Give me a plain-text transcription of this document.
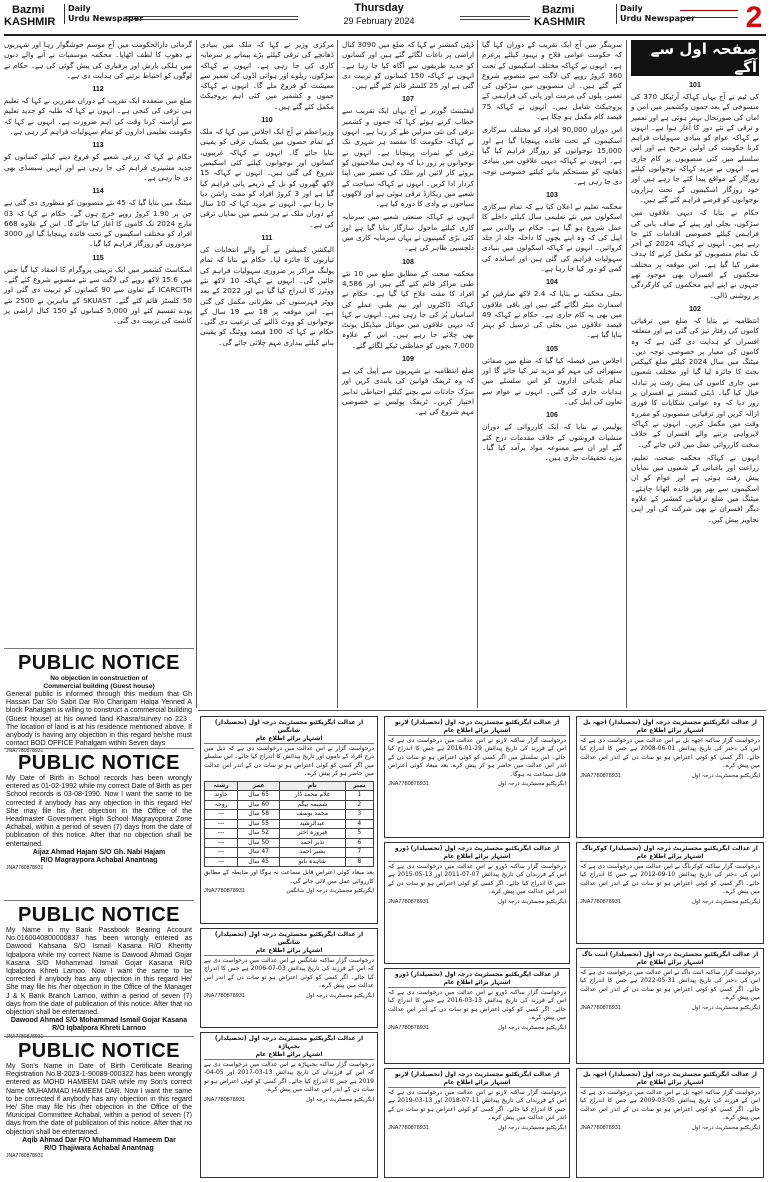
Bazmi
KASHMIR
Daily
Urdu Newspaper
Thursday
29 February 2024
Bazmi
KASHMIR
Daily
Urdu Newspaper 2
صفحہ اول سے آگے
101
کی ٹیم نے آج یہاں کہاکہ آرٹیکل 370 کی منسوخی کے بعد جموں وکشمیر میں امن و امان کی صورتحال بہتر ہوئی ہے اور تعمیر و ترقی کے نئے دور کا آغاز ہوا ہے۔ انہوں نے کہاکہ عوام کو بنیادی سہولیات فراہم کرنا حکومت کی اولین ترجیح ہے اور اس سلسلے میں کئی منصوبوں پر کام جاری ہے۔ انہوں نے مزید کہاکہ نوجوانوں کیلئے روزگار کے مواقع پیدا کئے جا رہے ہیں اور خود روزگار اسکیموں کے تحت ہزاروں نوجوانوں کو قرضے فراہم کئے گئے ہیں۔
حکام نے بتایا کہ دیہی علاقوں میں سڑکوں، بجلی اور پینے کے صاف پانی کی فراہمی کیلئے خصوصی اقدامات کئے جا رہے ہیں۔ انہوں نے کہاکہ 2024 کے آخر تک تمام منصوبوں کو مکمل کرنے کا ہدف مقرر کیا گیا ہے۔ اس موقعہ پر مختلف محکموں کے افسران بھی موجود تھے جنہوں نے اپنے اپنے محکموں کی کارکردگی پر روشنی ڈالی۔
102
انتظامیہ نے بتایا کہ ضلع میں ترقیاتی کاموں کی رفتار تیز کی گئی ہے اور متعلقہ افسران کو ہدایت دی گئی ہے کہ وہ کاموں کی معیار پر خصوصی توجہ دیں۔ میٹنگ میں سال 2024 کیلئے ضلع کیپکس بجٹ کا جائزہ لیا گیا اور مختلف شعبوں میں جاری کاموں کی پیش رفت پر تبادلہ خیال کیا گیا۔ ڈپٹی کمشنر نے افسران پر زور دیا کہ وہ عوامی شکایات کا فوری ازالہ کریں اور ترقیاتی منصوبوں کو مقررہ وقت میں مکمل کریں۔ انہوں نے کہاکہ لاپرواہی برتنے والے افسران کے خلاف سخت کارروائی عمل میں لائی جائے گی۔
انہوں نے کہاکہ محکمہ صحت، تعلیم، زراعت اور باغبانی کے شعبوں میں نمایاں پیش رفت ہوئی ہے اور عوام کو ان اسکیموں سے بھر پور فائدہ اٹھانا چاہئے۔ میٹنگ میں ضلع ترقیاتی کمشنر کے علاوہ دیگر افسران نے بھی شرکت کی اور اپنی تجاویز پیش کیں۔
سرینگر میں آج ایک تقریب کے دوران کہا گیا کہ حکومت عوامی فلاح و بہبود کیلئے پرعزم ہے۔ انہوں نے کہاکہ مختلف اسکیموں کے تحت 360 کروڑ روپے کی لاگت سے منصوبے شروع کئے گئے ہیں۔ ان منصوبوں میں سڑکوں کی تعمیر، پلوں کی مرمت اور پانی کی فراہمی کے پروجیکٹ شامل ہیں۔ انہوں نے کہاکہ 75 فیصد کام مکمل ہو چکا ہے۔
اس دوران 90,000 افراد کو مختلف سرکاری اسکیموں کے تحت فائدہ پہنچایا گیا ہے اور 15,000 نوجوانوں کو روزگار فراہم کیا گیا ہے۔ انہوں نے کہاکہ دیہی علاقوں میں بنیادی ڈھانچہ کو مستحکم بنانے کیلئے خصوصی توجہ دی جا رہی ہے۔
103
محکمہ تعلیم نے اعلان کیا ہے کہ تمام سرکاری اسکولوں میں نئے تعلیمی سال کیلئے داخلے کا عمل شروع ہو گیا ہے۔ حکام نے والدین سے اپیل کی کہ وہ اپنے بچوں کا داخلہ جلد از جلد کروائیں۔ انہوں نے کہاکہ اسکولوں میں بنیادی سہولیات فراہم کی گئی ہیں اور اساتذہ کی کمی کو دور کیا جا رہا ہے۔
104
بجلی محکمہ نے بتایا کہ 2.4 لاکھ صارفین کو اسمارٹ میٹر لگائے گئے ہیں اور باقی علاقوں میں بھی یہ کام جاری ہے۔ حکام نے کہاکہ 49 فیصد علاقوں میں بجلی کی ترسیل کو بہتر بنایا گیا ہے۔
105
اجلاس میں فیصلہ کیا گیا کہ ضلع میں صفائی ستھرائی کی مہم کو مزید تیز کیا جائے گا اور تمام بلدیاتی اداروں کو اس سلسلے میں ہدایات جاری کی گئیں۔ انہوں نے عوام سے تعاون کی اپیل کی۔
106
پولیس نے بتایا کہ ایک کارروائی کے دوران منشیات فروشوں کے خلاف مقدمات درج کئے گئے اور ان سے ممنوعہ مواد برآمد کیا گیا۔ مزید تحقیقات جاری ہیں۔
ڈپٹی کمشنر نے کہا کہ ضلع میں 3090 کنال اراضی پر باغات لگائے گئے ہیں اور کسانوں کو جدید طریقوں سے آگاہ کیا جا رہا ہے۔ انہوں نے کہاکہ 150 کسانوں کو تربیت دی گئی ہے اور 25 کلسٹر قائم کئے گئے ہیں۔
107
لیفٹیننٹ گورنر نے آج یہاں ایک تقریب سے خطاب کرتے ہوئے کہا کہ جموں و کشمیر ترقی کی نئی منزلیں طے کر رہا ہے۔ انہوں نے کہاکہ حکومت کا مقصد ہر شہری تک ترقی کے ثمرات پہنچانا ہے۔ انہوں نے نوجوانوں پر زور دیا کہ وہ اپنی صلاحیتوں کو بروئے کار لائیں اور ملک کی تعمیر میں اپنا کردار ادا کریں۔ انہوں نے کہاکہ سیاحت کے شعبے میں ریکارڈ ترقی ہوئی ہے اور لاکھوں سیاحوں نے وادی کا دورہ کیا ہے۔
انہوں نے کہاکہ صنعتی شعبے میں سرمایہ کاری کیلئے ماحول سازگار بنایا گیا ہے اور کئی بڑی کمپنیوں نے یہاں سرمایہ کاری میں دلچسپی ظاہر کی ہے۔
108
محکمہ صحت کے مطابق ضلع میں 10 نئے طبی مراکز قائم کئے گئے ہیں اور 4,586 افراد کا مفت علاج کیا گیا ہے۔ حکام نے کہاکہ ڈاکٹروں اور نیم طبی عملے کی اسامیاں پُر کی جا رہی ہیں۔ انہوں نے کہا کہ دیہی علاقوں میں موبائل میڈیکل یونٹ بھی چلائے جا رہے ہیں۔ اس کے علاوہ 7,000 بچوں کو حفاظتی ٹیکے لگائے گئے۔
109
ضلع انتظامیہ نے شہریوں سے اپیل کی ہے کہ وہ ٹریفک قوانین کی پابندی کریں اور سڑک حادثات سے بچنے کیلئے احتیاطی تدابیر اختیار کریں۔ ٹریفک پولیس نے خصوصی مہم شروع کی ہے۔
مرکزی وزیر نے کہا کہ ملک میں بنیادی ڈھانچے کی ترقی کیلئے بڑے پیمانے پر سرمایہ کاری کی جا رہی ہے۔ انہوں نے کہاکہ سڑکوں، ریلوے اور ہوائی اڈوں کی تعمیر سے معیشت کو فروغ ملے گا۔ انہوں نے کہاکہ جموں و کشمیر میں کئی اہم پروجیکٹ مکمل کئے گئے ہیں۔
110
وزیراعظم نے آج ایک اجلاس میں کہا کہ ملک کے تمام حصوں میں یکساں ترقی کو یقینی بنایا جائے گا۔ انہوں نے کہاکہ غریبوں، کسانوں اور نوجوانوں کیلئے کئی اسکیمیں شروع کی گئی ہیں۔ انہوں نے کہاکہ 15 لاکھ گھروں کو نل کے ذریعے پانی فراہم کیا گیا ہے اور 3 کروڑ افراد کو مفت راشن دیا جا رہا ہے۔ انہوں نے مزید کہا کہ 10 سال کے دوران ملک نے ہر شعبے میں نمایاں ترقی کی ہے۔
111
الیکشن کمیشن نے آنے والے انتخابات کی تیاریوں کا جائزہ لیا۔ حکام نے بتایا کہ تمام پولنگ مراکز پر ضروری سہولیات فراہم کی جائیں گی۔ انہوں نے کہاکہ 10 لاکھ نئے ووٹرز کا اندراج کیا گیا ہے اور 2022 کے بعد ووٹر فہرستوں کی نظرثانی مکمل کی گئی ہے۔ اس موقعہ پر 18 سے 19 سال کے نوجوانوں کو ووٹ ڈالنے کی ترغیب دی گئی۔ حکام نے کہا کہ 100 فیصد ووٹنگ کو یقینی بنانے کیلئے بیداری مہم چلائی جائے گی۔
گرمائی دارالحکومت میں آج موسم خوشگوار رہا اور شہریوں نے دھوپ کا لطف اٹھایا۔ محکمہ موسمیات نے آنے والے دنوں میں ہلکی بارش اور برفباری کی پیش گوئی کی ہے۔ حکام نے لوگوں کو احتیاط برتنے کی ہدایت دی ہے۔
112
ضلع میں منعقدہ ایک تقریب کے دوران مقررین نے کہا کہ تعلیم ہی ترقی کی کنجی ہے۔ انہوں نے کہا کہ طلبہ کو جدید تعلیم سے آراستہ کرنا وقت کی اہم ضرورت ہے۔ انہوں نے کہا کہ حکومت تعلیمی اداروں کو تمام سہولیات فراہم کر رہی ہے۔
113
حکام نے کہا کہ زرعی شعبے کو فروغ دینے کیلئے کسانوں کو جدید مشینری فراہم کی جا رہی ہے اور انہیں سبسڈی بھی دی جا رہی ہے۔
114
میٹنگ میں بتایا گیا کہ 45 نئے منصوبوں کو منظوری دی گئی ہے جن پر 1.90 کروڑ روپے خرچ ہوں گے۔ حکام نے کہا کہ 03 مارچ 2024 تک کاموں کا آغاز کیا جائے گا۔ اس کے علاوہ 668 افراد کو مختلف اسکیموں کے تحت فائدہ پہنچایا گیا اور 3000 مزدوروں کو روزگار فراہم کیا گیا۔
115
اسکاسٹ کشمیر میں ایک تربیتی پروگرام کا انعقاد کیا گیا جس میں 15.6 لاکھ روپے کی لاگت سے نئے منصوبے شروع کئے گئے۔ ICARCITH کے تعاون سے 90 کسانوں کو تربیت دی گئی اور 50 کلسٹر قائم کئے گئے۔ SKUAST کے ماہرین نے 2500 نئے پودے تقسیم کئے اور 5,000 کسانوں کو 150 کنال اراضی پر کاشت کی تربیت دی گئی۔
PUBLIC NOTICE
No objection in construction of
Commercial building (Guest house)
General public is informed through this medium that Gh Hassan Dar S/o Sabit Dar R/o Charigam Halqa Yenned A block Pahalgam is willing to construct a commercial building (Guest house) at his owned land Khasra/survey no 223 . The location of land is at his residence mentioned above. If anybody is having any objection in this regard he/she must contact BOD OFFICE Pahalgam within Seven days
JNA7780878931
PUBLIC NOTICE
My Date of Birth in School records has been wrongly entered as 01-02-1992 while my correct Date of Birth as per School records is 03-08-1990. Now I want the same to be corrected if anybody has any objection in this regard He/ She may file his /her objection in the Office of the Headmaster Government High School Magrayopora Zone Achabal, within a period of seven (7) days from the date of publication of this notice. After that no objection shall be entertained.
Aijaz Ahmad Hajam S/O Gh. Nabi Hajam
R/O Magraypora Achabal Anantnag
JNA7780878931
PUBLIC NOTICE
My Name in my Bank Passbook Bearing Account No.0160040800000837 has been wrongly entered as Dawood Kahsana S/O Ismail Kasana R/O Kheritty Iqbalpora while my correct Name is Dawood Ahmad Gojar Kasana S/O Mohammad Ismail Gojar Kasana R/O Iqbalpora Khreti Larnoo. Now I want the same to be corrected if anybody has any objection in this regard He/ She may file his /her objection in the Office of the Manager J & K Bank Branch Larnoo, within a period of seven (7) days from the date of publication of this notice. After that no objection shall be entertained.
Dawood Ahmad S/O Mohammad Ismail Gojar Kasana
R/O Iqbalpora Khreti Larnoo
JNA7780878931
PUBLIC NOTICE
My Son's Name in Date of Birth Certificate Bearing Registration No.B-2023-1-90089-000322 has been wrongly entered as MOHD HAMEEM DAR while my Son's correct Name MUHAMMAD HAMEEM DAR. Now I want the same to be corrected if anybody has any objection in this regard He/ She may file his /her objection in the Office of the Municipal Committee Achabal, within a period of seven (7) days from the date of publication of this notice. After that no objection shall be entertained.
Aqib Ahmad Dar F/O Muhammad Hameem Dar
R/O Thajiwara Achabal Anantnag
JNA7780878931
از عدالت ایگزیکٹیو مجسٹریٹ درجہ اول (تحصیلدار) شانگس
اشتہار برائے اطلاع عام
درخواست گزار نے اس عدالت میں درخواست دی ہے کہ ذیل میں درج افراد کے ناموں اور تاریخ پیدائش کا اندراج کیا جائے۔ اس سلسلے میں اگر کسی کو کوئی اعتراض ہو تو سات دن کے اندر اس عدالت میں حاضر ہو کر پیش کرے۔
نمبر	نام	عمر	رشتہ
1	غلام محمد ڈار	65 سال	خاوند
2	شمیمہ بیگم	60 سال	زوجہ
3	محمد یوسف	58 سال	---
4	عبدالرشید	55 سال	---
5	فیروزہ اختر	52 سال	---
6	نذیر احمد	50 سال	---
7	بشیر احمد	47 سال	---
8	شاہدہ بانو	45 سال	---
بعد میعاد کوئی اعتراض قابل سماعت نہ ہوگا اور ضابطہ کے مطابق کارروائی عمل میں لائی جائے گی۔
ایگزیکٹیو مجسٹریٹ درجہ اول شانگس
JNA7780878931
از عدالت ایگزیکٹیو مجسٹریٹ درجہ اول (تحصیلدار) لارنو
اشتہار برائے اطلاع عام
درخواست گزار ساکنہ لارنو نے اس عدالت میں درخواست دی ہے کہ اس کے فرزند کی تاریخ پیدائش 29-01-2016 ہے جس کا اندراج کیا جائے۔ اس سلسلے میں اگر کسی کو کوئی اعتراض ہو تو سات دن کے اندر اس عدالت میں حاضر ہو کر پیش کرے، بعد میعاد کوئی اعتراض قابل سماعت نہ ہوگا۔
ایگزیکٹیو مجسٹریٹ درجہ اول
JNA7780878931
از عدالت ایگزیکٹیو مجسٹریٹ درجہ اول (تحصیلدار) اچھہ بل
اشتہار برائے اطلاع عام
درخواست گزار ساکنہ اچھہ بل نے اس عدالت میں درخواست دی ہے کہ اس کی دختر کی تاریخ پیدائش 01-06-2008 ہے جس کا اندراج کیا جائے۔ اگر کسی کو کوئی اعتراض ہو تو سات دن کے اندر اس عدالت میں پیش کرے۔
ایگزیکٹیو مجسٹریٹ درجہ اول
JNA7780878931
از عدالت ایگزیکٹیو مجسٹریٹ درجہ اول (تحصیلدار) ڈورو
اشتہار برائے اطلاع عام
درخواست گزار ساکنہ ڈورو نے اس عدالت میں درخواست دی ہے کہ اس کے فرزندان کی تاریخ پیدائش 07-07-2011 اور 13-05-2015 ہے جس کا اندراج کیا جائے۔ اگر کسی کو کوئی اعتراض ہو تو سات دن کے اندر اس عدالت میں پیش کرے۔
ایگزیکٹیو مجسٹریٹ درجہ اول
JNA7780878931
از عدالت ایگزیکٹیو مجسٹریٹ درجہ اول (تحصیلدار) کوکرناگ
اشتہار برائے اطلاع عام
درخواست گزار ساکنہ کوکرناگ نے اس عدالت میں درخواست دی ہے کہ اس کی دختر کی تاریخ پیدائش 10-09-2012 ہے جس کا اندراج کیا جائے۔ اگر کسی کو کوئی اعتراض ہو تو سات دن کے اندر اس عدالت میں پیش کرے۔
ایگزیکٹیو مجسٹریٹ درجہ اول
JNA7780878931
از عدالت ایگزیکٹیو مجسٹریٹ درجہ اول (تحصیلدار) شانگس
اشتہار برائے اطلاع عام
درخواست گزار ساکنہ شانگس نے اس عدالت میں درخواست دی ہے کہ اس کے فرزند کی تاریخ پیدائش 03-07-2006 ہے جس کا اندراج کیا جائے۔ اگر کسی کو کوئی اعتراض ہو تو سات دن کے اندر اس عدالت میں پیش کرے۔
ایگزیکٹیو مجسٹریٹ درجہ اول
JNA7780878931
از عدالت ایگزیکٹیو مجسٹریٹ درجہ اول (تحصیلدار) ڈورو
اشتہار برائے اطلاع عام
درخواست گزار ساکنہ ڈورو نے اس عدالت میں درخواست دی ہے کہ اس کے فرزند کی تاریخ پیدائش 13-03-2016 ہے جس کا اندراج کیا جائے۔ اگر کسی کو کوئی اعتراض ہو تو سات دن کے اندر اس عدالت میں پیش کرے۔
ایگزیکٹیو مجسٹریٹ درجہ اول
JNA7780878931
از عدالت ایگزیکٹیو مجسٹریٹ درجہ اول (تحصیلدار) اننت ناگ
اشتہار برائے اطلاع عام
درخواست گزار ساکنہ اننت ناگ نے اس عدالت میں درخواست دی ہے کہ اس کی دختر کی تاریخ پیدائش 31-05-2022 ہے جس کا اندراج کیا جائے۔ اگر کسی کو کوئی اعتراض ہو تو سات دن کے اندر اس عدالت میں پیش کرے۔
ایگزیکٹیو مجسٹریٹ درجہ اول
JNA7780878931
از عدالت ایگزیکٹیو مجسٹریٹ درجہ اول (تحصیلدار) بجبہاڑہ
اشتہار برائے اطلاع عام
درخواست گزار ساکنہ بجبہاڑہ نے اس عدالت میں درخواست دی ہے کہ اس کے فرزندان کی تاریخ پیدائش 13-03-2017 اور 05-04-2019 ہے جس کا اندراج کیا جائے۔ اگر کسی کو کوئی اعتراض ہو تو سات دن کے اندر اس عدالت میں پیش کرے۔
ایگزیکٹیو مجسٹریٹ درجہ اول
JNA7780878931
از عدالت ایگزیکٹیو مجسٹریٹ درجہ اول (تحصیلدار) لارنو
اشتہار برائے اطلاع عام
درخواست گزار ساکنہ لارنو نے اس عدالت میں درخواست دی ہے کہ اس کے فرزندان کی تاریخ پیدائش 11-07-2018 اور 13-03-2019 ہے جس کا اندراج کیا جائے۔ اگر کسی کو کوئی اعتراض ہو تو سات دن کے اندر اس عدالت میں پیش کرے۔
ایگزیکٹیو مجسٹریٹ درجہ اول
JNA7780878931
از عدالت ایگزیکٹیو مجسٹریٹ درجہ اول (تحصیلدار) اچھہ بل
اشتہار برائے اطلاع عام
درخواست گزار ساکنہ اچھہ بل نے اس عدالت میں درخواست دی ہے کہ اس کے فرزند کی تاریخ پیدائش 05-03-2009 ہے جس کا اندراج کیا جائے۔ اگر کسی کو کوئی اعتراض ہو تو سات دن کے اندر اس عدالت میں پیش کرے۔
ایگزیکٹیو مجسٹریٹ درجہ اول
JNA7780878931
